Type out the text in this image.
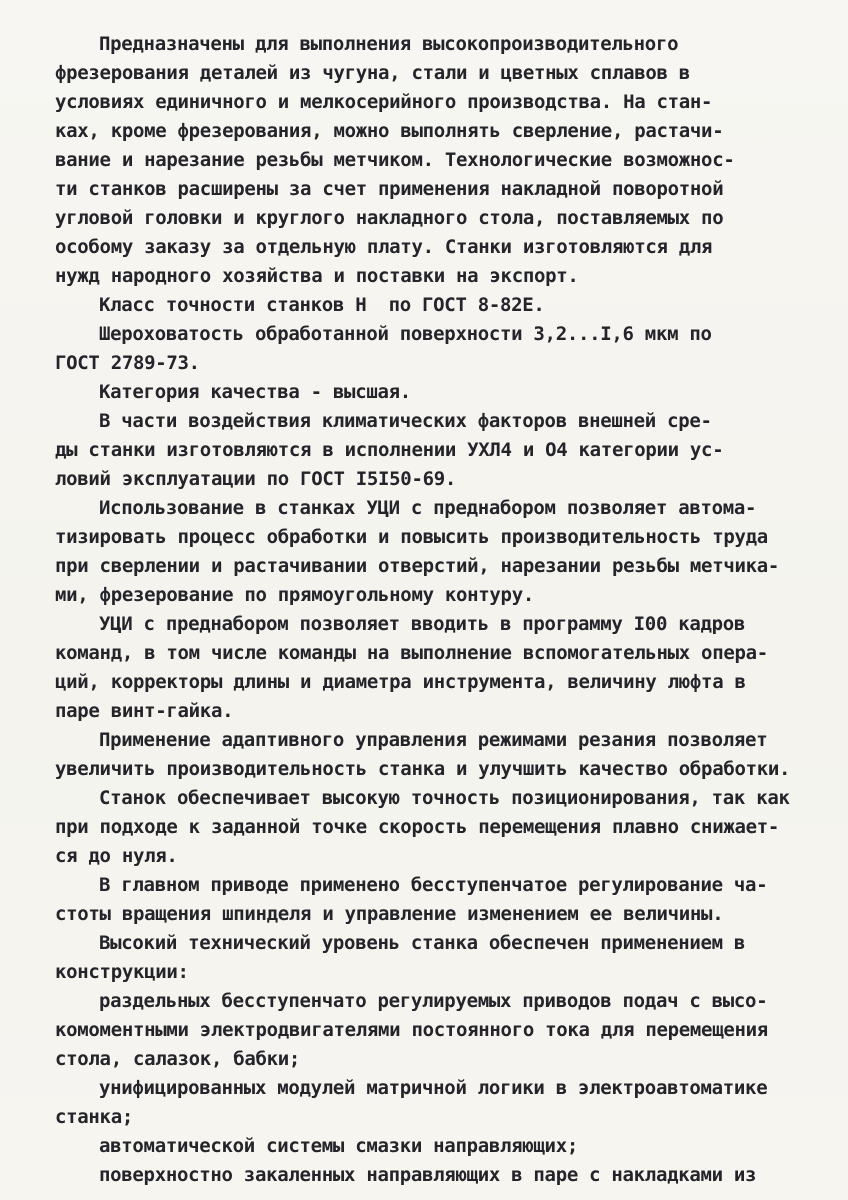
Предназначены для выполнения высокопроизводительного
фрезерования деталей из чугуна, стали и цветных сплавов в
условиях единичного и мелкосерийного производства. На стан-
ках, кроме фрезерования, можно выполнять сверление, растачи-
вание и нарезание резьбы метчиком. Технологические возможнос-
ти станков расширены за счет применения накладной поворотной
угловой головки и круглого накладного стола, поставляемых по
особому заказу за отдельную плату. Станки изготовляются для
нужд народного хозяйства и поставки на экспорт.
Класс точности станков Н  по ГОСТ 8-82Е.
Шероховатость обработанной поверхности 3,2...I,6 мкм по
ГОСТ 2789-73.
Категория качества - высшая.
В части воздействия климатических факторов внешней сре-
ды станки изготовляются в исполнении УХЛ4 и О4 категории ус-
ловий эксплуатации по ГОСТ I5I50-69.
Использование в станках УЦИ с преднабором позволяет автома-
тизировать процесс обработки и повысить производительность труда
при сверлении и растачивании отверстий, нарезании резьбы метчика-
ми, фрезерование по прямоугольному контуру.
УЦИ с преднабором позволяет вводить в программу I00 кадров
команд, в том числе команды на выполнение вспомогательных опера-
ций, корректоры длины и диаметра инструмента, величину люфта в
паре винт-гайка.
Применение адаптивного управления режимами резания позволяет
увеличить производительность станка и улучшить качество обработки.
Станок обеспечивает высокую точность позиционирования, так как
при подходе к заданной точке скорость перемещения плавно снижает-
ся до нуля.
В главном приводе применено бесступенчатое регулирование ча-
стоты вращения шпинделя и управление изменением ее величины.
Высокий технический уровень станка обеспечен применением в
конструкции:
раздельных бесступенчато регулируемых приводов подач с высо-
комоментными электродвигателями постоянного тока для перемещения
стола, салазок, бабки;
унифицированных модулей матричной логики в электроавтоматике
станка;
автоматической системы смазки направляющих;
поверхностно закаленных направляющих в паре с накладками из
